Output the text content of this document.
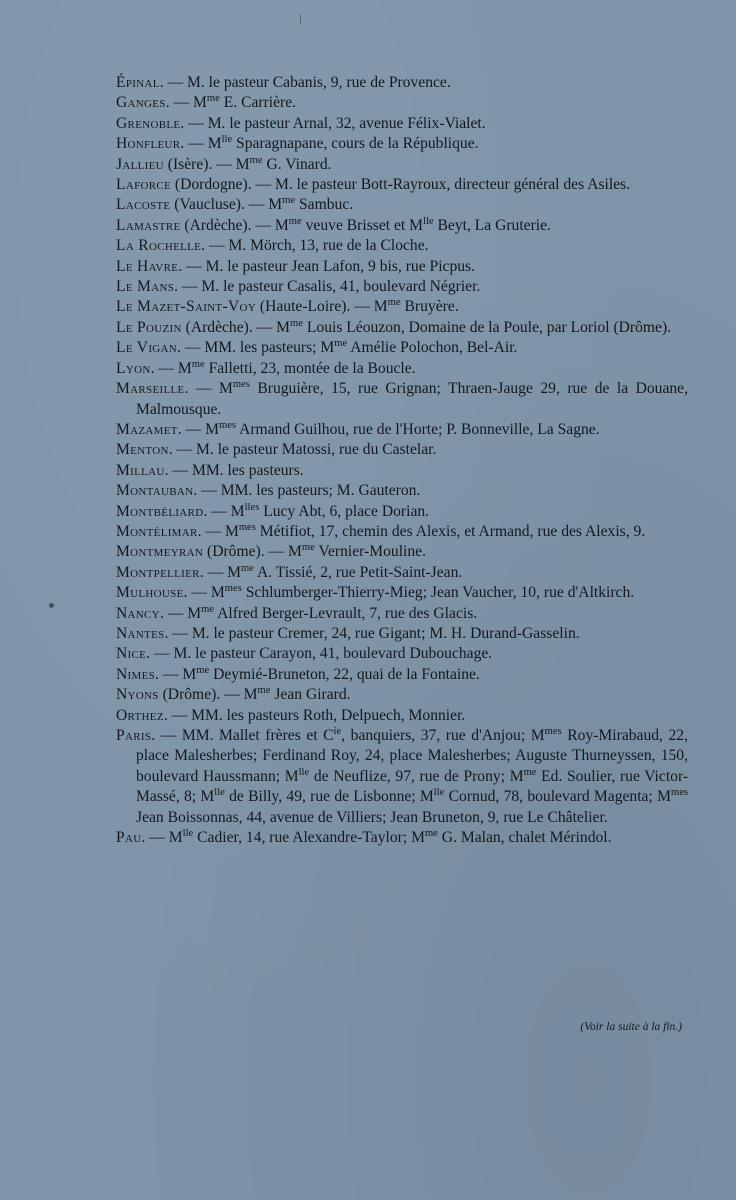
Épinal. — M. le pasteur Cabanis, 9, rue de Provence.

Ganges. — $M^{me}$ E. Carrière.

Grenoble. — M. le pasteur Arnal, 32, avenue Félix-Vialet.

Honfleur. — $M^{lle}$ Sparagnapane, cours de la République.

Jallieu (Isère). — $M^{me}$ G. Vinard.

Laforce (Dordogne). — M. le pasteur Bott-Rayroux, directeur général des Asiles.

Lacoste (Vaucluse). — $M^{me}$ Sambuc.

Lamastre (Ardèche). — $M^{me}$ veuve Brisset et $M^{lle}$ Beyt, La Gruterie.

La Rochelle. — M. Mörch, 13, rue de la Cloche.

Le Havre. — M. le pasteur Jean Lafon, 9 bis, rue Picpus.

Le Mans. — M. le pasteur Casalis, 41, boulevard Négrier.

Le Mazet-Saint-Voy (Haute-Loire). — $M^{me}$ Bruyère.

Le Pouzin (Ardèche). — $M^{me}$ Louis Léouzon, Domaine de la Poule, par Loriol (Drôme).

Le Vigan. — MM. les pasteurs; $M^{me}$ Amélie Polochon, Bel-Air.

Lyon. — $M^{me}$ Falletti, 23, montée de la Boucle.

Marseille. — $M^{mes}$ Bruguière, 15, rue Grignan; Thraen-Jauge 29, rue de la Douane, Malmousque.

Mazamet. — $M^{mes}$ Armand Guilhou, rue de l'Horte; P. Bonneville, La Sagne.

Menton. — M. le pasteur Matossi, rue du Castelar.

Millau. — MM. les pasteurs.

Montauban. — MM. les pasteurs; M. Gauteron.

Montbéliard. — $M^{lles}$ Lucy Abt, 6, place Dorian.

Montélimar. — $M^{mes}$ Métifiot, 17, chemin des Alexis, et Armand, rue des Alexis, 9.

Montmeyran (Drôme). — $M^{me}$ Vernier-Mouline.

Montpellier. — $M^{me}$ A. Tissié, 2, rue Petit-Saint-Jean.

Mulhouse. — $M^{mes}$ Schlumberger-Thierry-Mieg; Jean Vaucher, 10, rue d'Altkirch.

Nancy. — $M^{me}$ Alfred Berger-Levrault, 7, rue des Glacis.

Nantes. — M. le pasteur Cremer, 24, rue Gigant; M. H. Durand-Gasselin.

Nice. — M. le pasteur Carayon, 41, boulevard Dubouchage.

Nimes. — $M^{me}$ Deymié-Bruneton, 22, quai de la Fontaine.

Nyons (Drôme). — $M^{me}$ Jean Girard.

Orthez. — MM. les pasteurs Roth, Delpuech, Monnier.

Paris. — MM. Mallet frères et $C^{ie}$, banquiers, 37, rue d'Anjou; $M^{mes}$ Roy-Mirabaud, 22, place Malesherbes; Ferdinand Roy, 24, place Malesherbes; Auguste Thurneyssen, 150, boulevard Haussmann; $M^{lle}$ de Neuflize, 97, rue de Prony; $M^{me}$ Ed. Soulier, rue Victor-Massé, 8; $M^{lle}$ de Billy, 49, rue de Lisbonne; $M^{lle}$ Cornud, 78, boulevard Magenta; $M^{mes}$ Jean Boissonnas, 44, avenue de Villiers; Jean Bruneton, 9, rue Le Châtelier.

Pau. — $M^{lle}$ Cadier, 14, rue Alexandre-Taylor; $M^{me}$ G. Malan, chalet Mérindol.

(Voir la suite à la fin.)
